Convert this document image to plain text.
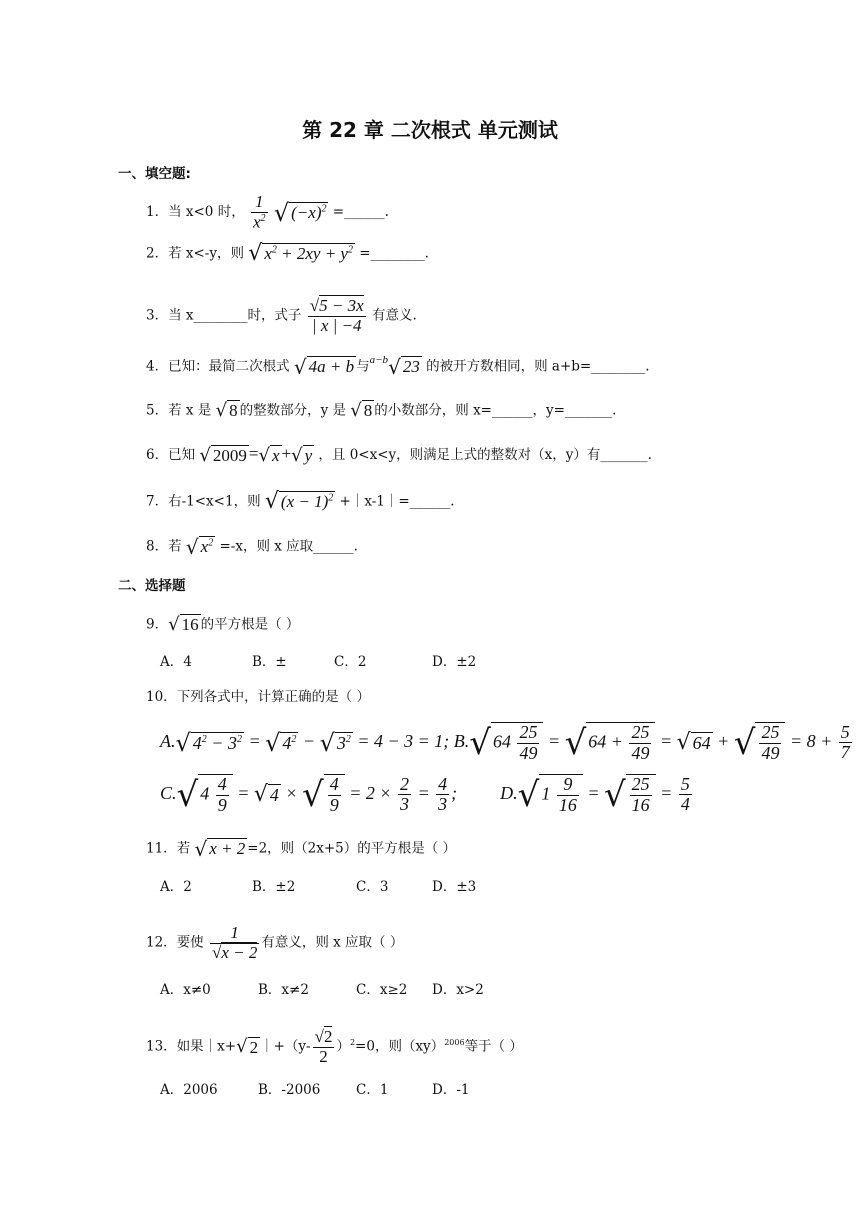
第 22 章 二次根式 单元测试
一、填空题:
1．当 x<0 时， $\frac{1}{x^2}$ √ $(-x)^2$ =______.
2．若 x<-y，则 √ $x^2 + 2xy + y^2$ =________.
3．当 x________时，式子 $\frac{√5 - 3x}{| x | -4}$ 有意义.
4．已知：最简二次根式 √ 4a + b 与$^{a-b}$√ 23 的被开方数相同，则 a+b=________.
5．若 x 是 √ 8 的整数部分，y 是 √ 8 的小数部分，则 x=______，y=_______.
6．已知 √ 2009 =√ x +√ y ，且 0<x<y，则满足上式的整数对（x，y）有_______.
7．右-1<x<1，则 √ $(x - 1)^2$ +｜x-1｜=______.
8．若 √ $x^2 =-x$，则 x 应取______.
二、选择题
9．√ 16 的平方根是（ ）
A．4	B．±	C．2	D．±2
10．下列各式中，计算正确的是（ ）
A.√ $4^2 - 3^2$ = √ $4^2$ − √ $3^2 = 4 - 3 = 1$; B.√ $64 \frac{25}{49}$ = √ $64 + \frac{25}{49}$ = √ 64 + √ $\frac{25}{49} = 8 + \frac{5}{7}$
C.√ $4 \frac{4}{9}$ = √ 4 × √ $\frac{4}{9} = 2 \times \frac{2}{3} = \frac{4}{3}$ ;  D.√ $1 \frac{9}{16}$ = √ $\frac{25}{16} = \frac{5}{4}$
11．若 √ x + 2 =2，则（2x+5）的平方根是（ ）
A．2	B．±2	C．3	D．±3
12．要使 $\frac{1}{√x - 2}$ 有意义，则 x 应取（ ）
A．x≠0	B．x≠2	C．x≥2 D．x>2
13．如果｜x+√ 2 ｜+（y- $\frac{√2}{2} )^2=0$，则（xy）$^{2006}$等于（ ）
A．2006	B．-2006	C．1	D．-1
